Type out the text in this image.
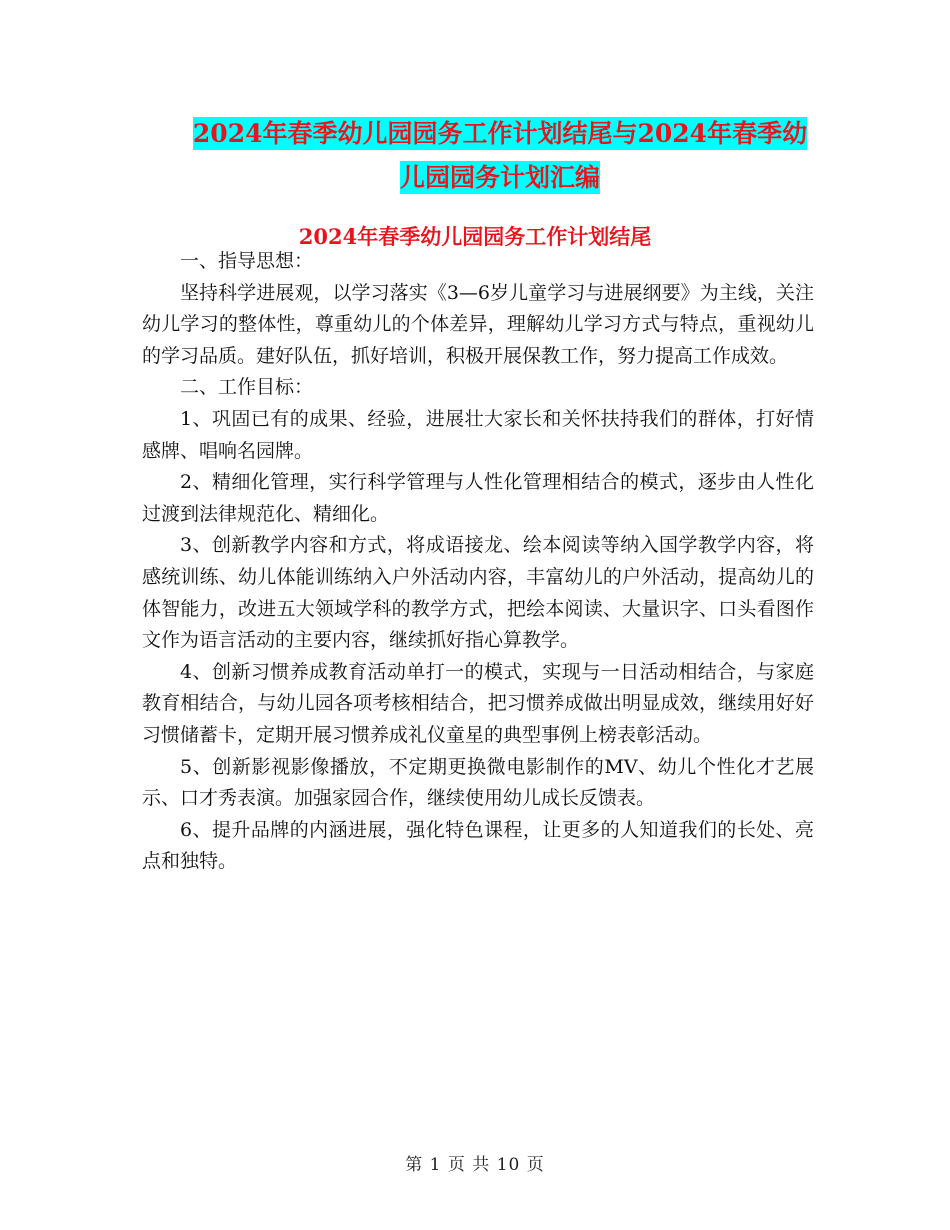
2024年春季幼儿园园务工作计划结尾与2024年春季幼
儿园园务计划汇编
2024年春季幼儿园园务工作计划结尾

一、指导思想：

坚持科学进展观，以学习落实《3—6岁儿童学习与进展纲要》为主线，关注幼儿学习的整体性，尊重幼儿的个体差异，理解幼儿学习方式与特点，重视幼儿的学习品质。建好队伍，抓好培训，积极开展保教工作，努力提高工作成效。

二、工作目标：

1、巩固已有的成果、经验，进展壮大家长和关怀扶持我们的群体，打好情感牌、唱响名园牌。

2、精细化管理，实行科学管理与人性化管理相结合的模式，逐步由人性化过渡到法律规范化、精细化。

3、创新教学内容和方式，将成语接龙、绘本阅读等纳入国学教学内容，将感统训练、幼儿体能训练纳入户外活动内容，丰富幼儿的户外活动，提高幼儿的体智能力，改进五大领域学科的教学方式，把绘本阅读、大量识字、口头看图作文作为语言活动的主要内容，继续抓好指心算教学。

4、创新习惯养成教育活动单打一的模式，实现与一日活动相结合，与家庭教育相结合，与幼儿园各项考核相结合，把习惯养成做出明显成效，继续用好好习惯储蓄卡，定期开展习惯养成礼仪童星的典型事例上榜表彰活动。

5、创新影视影像播放，不定期更换微电影制作的MV、幼儿个性化才艺展示、口才秀表演。加强家园合作，继续使用幼儿成长反馈表。

6、提升品牌的内涵进展，强化特色课程，让更多的人知道我们的长处、亮点和独特。

第 1 页 共 10 页
